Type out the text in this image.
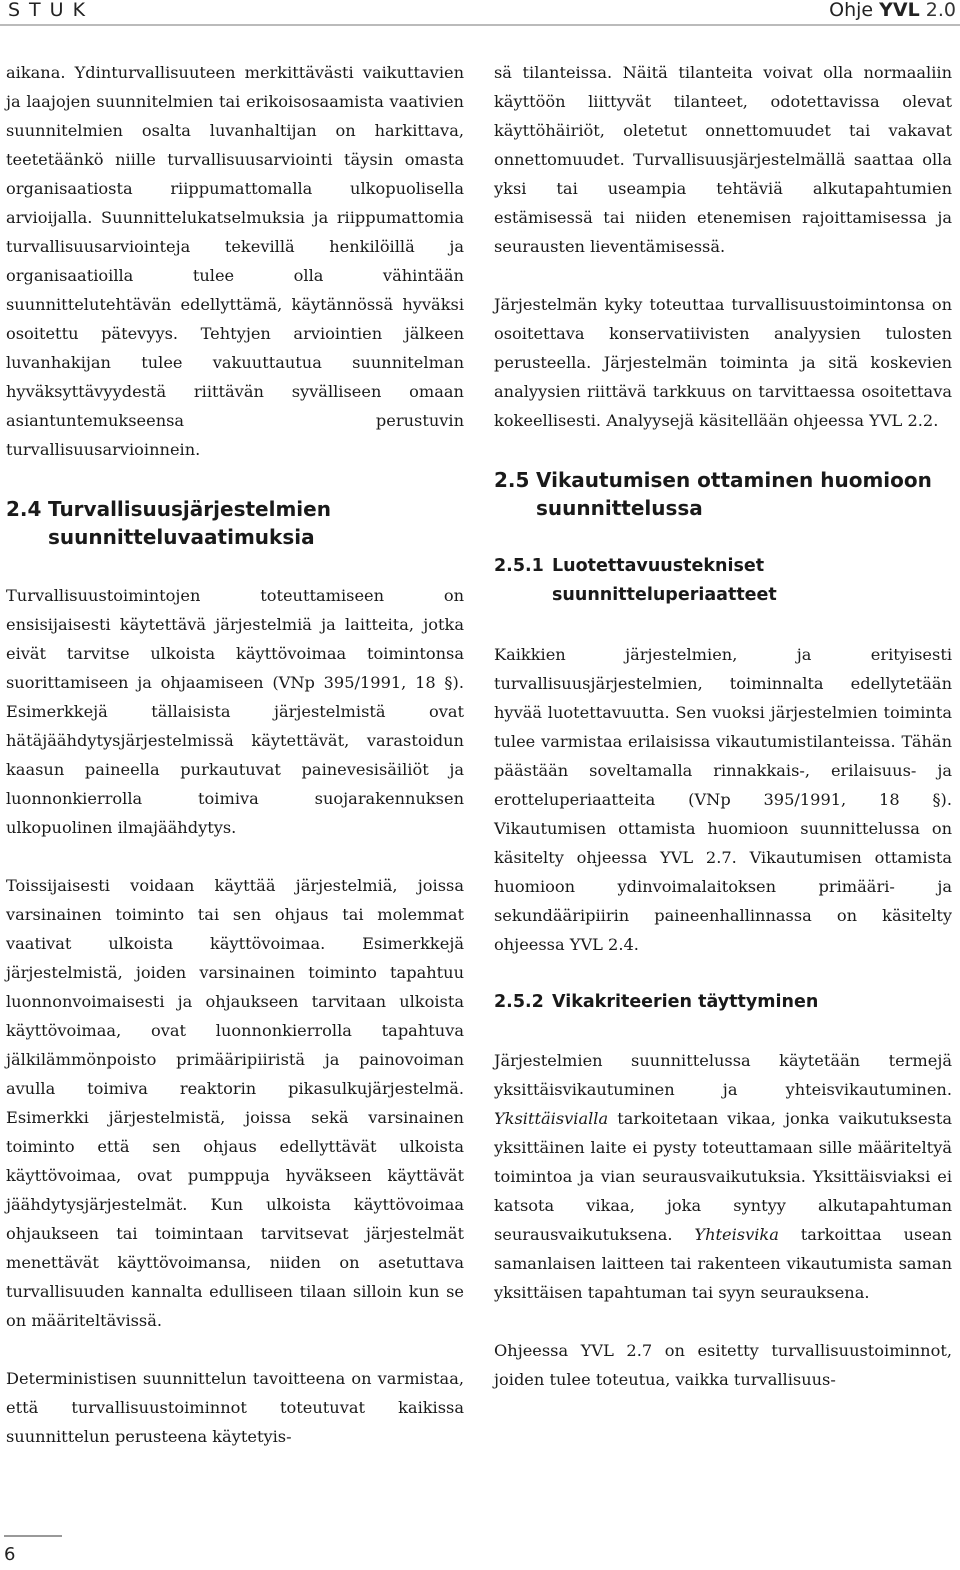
STUK	Ohje YVL 2.0

aikana. Ydinturvallisuuteen merkittävästi vaikuttavien ja laajojen suunnitelmien tai erikoisosaamista vaativien suunnitelmien osalta luvanhaltijan on harkittava, teetetäänkö niille turvallisuusarviointi täysin omasta organisaatiosta riippumattomalla ulkopuolisella arvioijalla. Suunnittelukatselmuksia ja riippumattomia turvallisuusarviointeja tekevillä henkilöillä ja organisaatioilla tulee olla vähintään suunnittelutehtävän edellyttämä, käytännössä hyväksi osoitettu pätevyys. Tehtyjen arviointien jälkeen luvanhakijan tulee vakuuttautua suunnitelman hyväksyttävyydestä riittävän syvälliseen omaan asiantuntemukseensa perustuvin turvallisuusarvioinnein.

2.4 Turvallisuusjärjestelmien suunnitteluvaatimuksia

Turvallisuustoimintojen toteuttamiseen on ensisijaisesti käytettävä järjestelmiä ja laitteita, jotka eivät tarvitse ulkoista käyttövoimaa toimintonsa suorittamiseen ja ohjaamiseen (VNp 395/1991, 18 §). Esimerkkejä tällaisista järjestelmistä ovat hätäjäähdytysjärjestelmissä käytettävät, varastoidun kaasun paineella purkautuvat painevesisäiliöt ja luonnonkierrolla toimiva suojarakennuksen ulkopuolinen ilmajäähdytys.

Toissijaisesti voidaan käyttää järjestelmiä, joissa varsinainen toiminto tai sen ohjaus tai molemmat vaativat ulkoista käyttövoimaa. Esimerkkejä järjestelmistä, joiden varsinainen toiminto tapahtuu luonnonvoimaisesti ja ohjaukseen tarvitaan ulkoista käyttövoimaa, ovat luonnonkierrolla tapahtuva jälkilämmönpoisto primääripiiristä ja painovoiman avulla toimiva reaktorin pikasulkujärjestelmä. Esimerkki järjestelmistä, joissa sekä varsinainen toiminto että sen ohjaus edellyttävät ulkoista käyttövoimaa, ovat pumppuja hyväkseen käyttävät jäähdytysjärjestelmät. Kun ulkoista käyttövoimaa ohjaukseen tai toimintaan tarvitsevat järjestelmät menettävät käyttövoimansa, niiden on asetuttava turvallisuuden kannalta edulliseen tilaan silloin kun se on määriteltävissä.

Deterministisen suunnittelun tavoitteena on varmistaa, että turvallisuustoiminnot toteutuvat kaikissa suunnittelun perusteena käytetyis-

sä tilanteissa. Näitä tilanteita voivat olla normaaliin käyttöön liittyvät tilanteet, odotettavissa olevat käyttöhäiriöt, oletetut onnettomuudet tai vakavat onnettomuudet. Turvallisuusjärjestelmällä saattaa olla yksi tai useampia tehtäviä alkutapahtumien estämisessä tai niiden etenemisen rajoittamisessa ja seurausten lieventämisessä.

Järjestelmän kyky toteuttaa turvallisuustoimintonsa on osoitettava konservatiivisten analyysien tulosten perusteella. Järjestelmän toiminta ja sitä koskevien analyysien riittävä tarkkuus on tarvittaessa osoitettava kokeellisesti. Analyysejä käsitellään ohjeessa YVL 2.2.

2.5 Vikautumisen ottaminen huomioon suunnittelussa
2.5.1 Luotettavuustekniset suunnitteluperiaatteet

Kaikkien järjestelmien, ja erityisesti turvallisuusjärjestelmien, toiminnalta edellytetään hyvää luotettavuutta. Sen vuoksi järjestelmien toiminta tulee varmistaa erilaisissa vikautumistilanteissa. Tähän päästään soveltamalla rinnakkais-, erilaisuus- ja erotteluperiaatteita (VNp 395/1991, 18 §). Vikautumisen ottamista huomioon suunnittelussa on käsitelty ohjeessa YVL 2.7. Vikautumisen ottamista huomioon ydinvoimalaitoksen primääri- ja sekundääripiirin paineenhallinnassa on käsitelty ohjeessa YVL 2.4.

2.5.2 Vikakriteerien täyttyminen

Järjestelmien suunnittelussa käytetään termejä yksittäisvikautuminen ja yhteisvikautuminen. Yksittäisvialla tarkoitetaan vikaa, jonka vaikutuksesta yksittäinen laite ei pysty toteuttamaan sille määriteltyä toimintoa ja vian seurausvaikutuksia. Yksittäisviaksi ei katsota vikaa, joka syntyy alkutapahtuman seurausvaikutuksena. Yhteisvika tarkoittaa usean samanlaisen laitteen tai rakenteen vikautumista saman yksittäisen tapahtuman tai syyn seurauksena.

Ohjeessa YVL 2.7 on esitetty turvallisuustoiminnot, joiden tulee toteutua, vaikka turvallisuus-

6
